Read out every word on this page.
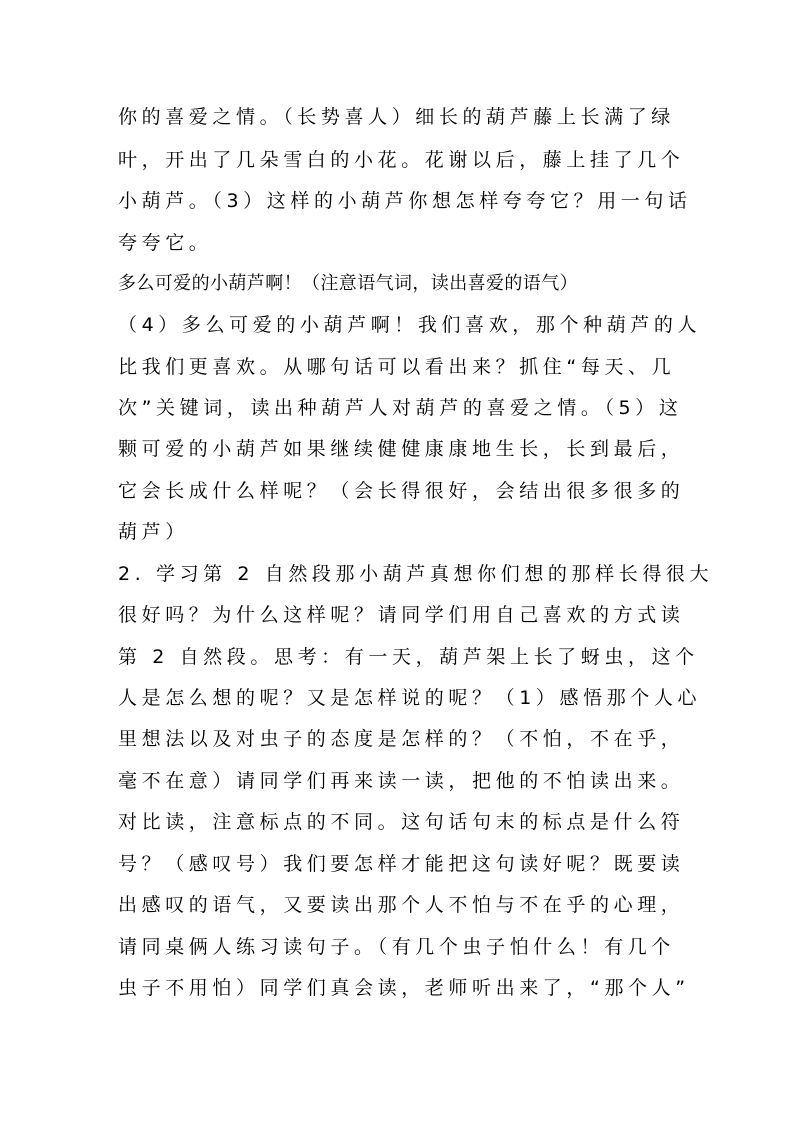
你的喜爱之情。（长势喜人）细长的葫芦藤上长满了绿
叶，开出了几朵雪白的小花。花谢以后，藤上挂了几个
小葫芦。（3）这样的小葫芦你想怎样夸夸它？用一句话
夸夸它。
多么可爱的小葫芦啊！（注意语气词，读出喜爱的语气）
（4）多么可爱的小葫芦啊！我们喜欢，那个种葫芦的人
比我们更喜欢。从哪句话可以看出来？抓住“每天、几
次”关键词，读出种葫芦人对葫芦的喜爱之情。（5）这
颗可爱的小葫芦如果继续健健康康地生长，长到最后，
它会长成什么样呢？（会长得很好，会结出很多很多的
葫芦）
2. 学习第 2 自然段那小葫芦真想你们想的那样长得很大
很好吗？为什么这样呢？请同学们用自己喜欢的方式读
第 2 自然段。思考：有一天，葫芦架上长了蚜虫，这个
人是怎么想的呢？又是怎样说的呢？（1）感悟那个人心
里想法以及对虫子的态度是怎样的？（不怕，不在乎，
毫不在意）请同学们再来读一读，把他的不怕读出来。
对比读，注意标点的不同。这句话句末的标点是什么符
号？（感叹号）我们要怎样才能把这句读好呢？既要读
出感叹的语气，又要读出那个人不怕与不在乎的心理，
请同桌俩人练习读句子。（有几个虫子怕什么！有几个
虫子不用怕）同学们真会读，老师听出来了，“那个人”
